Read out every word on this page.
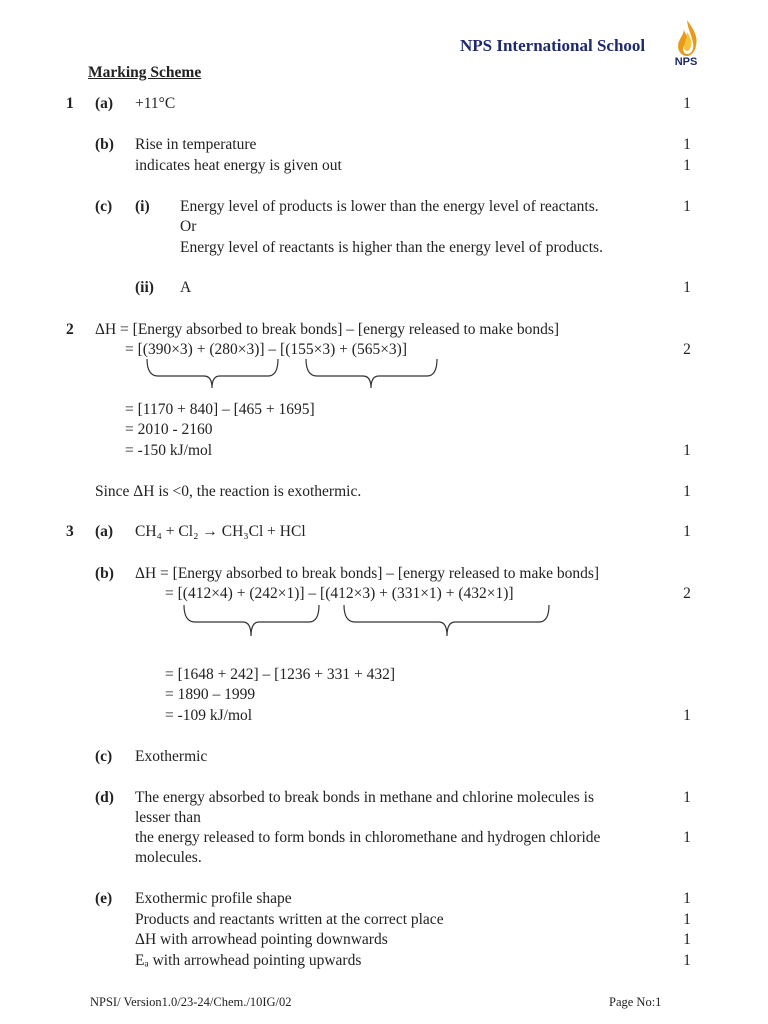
NPS International School
NPS
Marking Scheme
1 (a) +11°C	1
(b) Rise in temperature	1
indicates heat energy is given out	1
(c) (i) Energy level of products is lower than the energy level of reactants.	1
Or
Energy level of reactants is higher than the energy level of products.
(ii) A	1
2 ΔH = [Energy absorbed to break bonds] – [energy released to make bonds]
= [(390×3) + (280×3)] – [(155×3) + (565×3)]	2
= [1170 + 840] – [465 + 1695]
= 2010 - 2160
= -150 kJ/mol	1
Since ΔH is <0, the reaction is exothermic.	1
3 (a) CH₄ + Cl₂ → CH₃Cl + HCl	1
(b) ΔH = [Energy absorbed to break bonds] – [energy released to make bonds]
= [(412×4) + (242×1)] – [(412×3) + (331×1) + (432×1)]	2
= [1648 + 242] – [1236 + 331 + 432]
= 1890 – 1999
= -109 kJ/mol	1
(c) Exothermic
(d) The energy absorbed to break bonds in methane and chlorine molecules is	1
lesser than
the energy released to form bonds in chloromethane and hydrogen chloride	1
molecules.
(e) Exothermic profile shape	1
Products and reactants written at the correct place	1
ΔH with arrowhead pointing downwards	1
Eₐ with arrowhead pointing upwards	1
NPSI/ Version1.0/23-24/Chem./10IG/02	Page No:1
